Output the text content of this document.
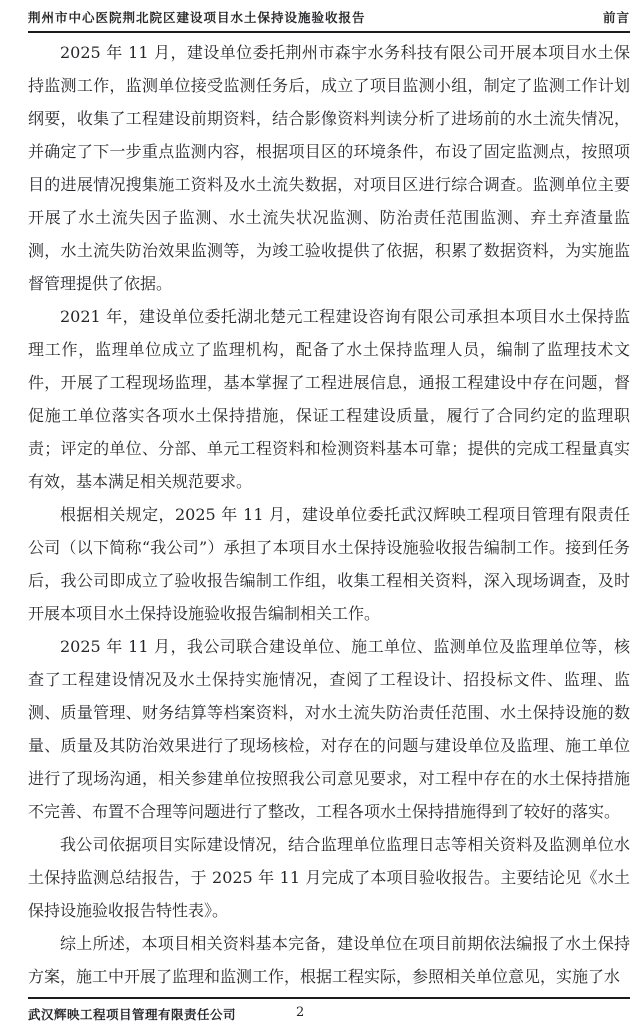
荆州市中心医院荆北院区建设项目水土保持设施验收报告	前言

2025 年 11 月，建设单位委托荆州市森宇水务科技有限公司开展本项目水土保持监测工作，监测单位接受监测任务后，成立了项目监测小组，制定了监测工作计划纲要，收集了工程建设前期资料，结合影像资料判读分析了进场前的水土流失情况，并确定了下一步重点监测内容，根据项目区的环境条件，布设了固定监测点，按照项目的进展情况搜集施工资料及水土流失数据，对项目区进行综合调查。监测单位主要开展了水土流失因子监测、水土流失状况监测、防治责任范围监测、弃土弃渣量监测，水土流失防治效果监测等，为竣工验收提供了依据，积累了数据资料，为实施监督管理提供了依据。

2021 年，建设单位委托湖北楚元工程建设咨询有限公司承担本项目水土保持监理工作，监理单位成立了监理机构，配备了水土保持监理人员，编制了监理技术文件，开展了工程现场监理，基本掌握了工程进展信息，通报工程建设中存在问题，督促施工单位落实各项水土保持措施，保证工程建设质量，履行了合同约定的监理职责；评定的单位、分部、单元工程资料和检测资料基本可靠；提供的完成工程量真实有效，基本满足相关规范要求。

根据相关规定，2025 年 11 月，建设单位委托武汉辉映工程项目管理有限责任公司（以下简称“我公司”）承担了本项目水土保持设施验收报告编制工作。接到任务后，我公司即成立了验收报告编制工作组，收集工程相关资料，深入现场调查，及时开展本项目水土保持设施验收报告编制相关工作。

2025 年 11 月，我公司联合建设单位、施工单位、监测单位及监理单位等，核查了工程建设情况及水土保持实施情况，查阅了工程设计、招投标文件、监理、监测、质量管理、财务结算等档案资料，对水土流失防治责任范围、水土保持设施的数量、质量及其防治效果进行了现场核检，对存在的问题与建设单位及监理、施工单位进行了现场沟通，相关参建单位按照我公司意见要求，对工程中存在的水土保持措施不完善、布置不合理等问题进行了整改，工程各项水土保持措施得到了较好的落实。

我公司依据项目实际建设情况，结合监理单位监理日志等相关资料及监测单位水土保持监测总结报告，于 2025 年 11 月完成了本项目验收报告。主要结论见《水土保持设施验收报告特性表》。

综上所述，本项目相关资料基本完备，建设单位在项目前期依法编报了水土保持方案，施工中开展了监理和监测工作，根据工程实际，参照相关单位意见，实施了水

武汉辉映工程项目管理有限责任公司	2
